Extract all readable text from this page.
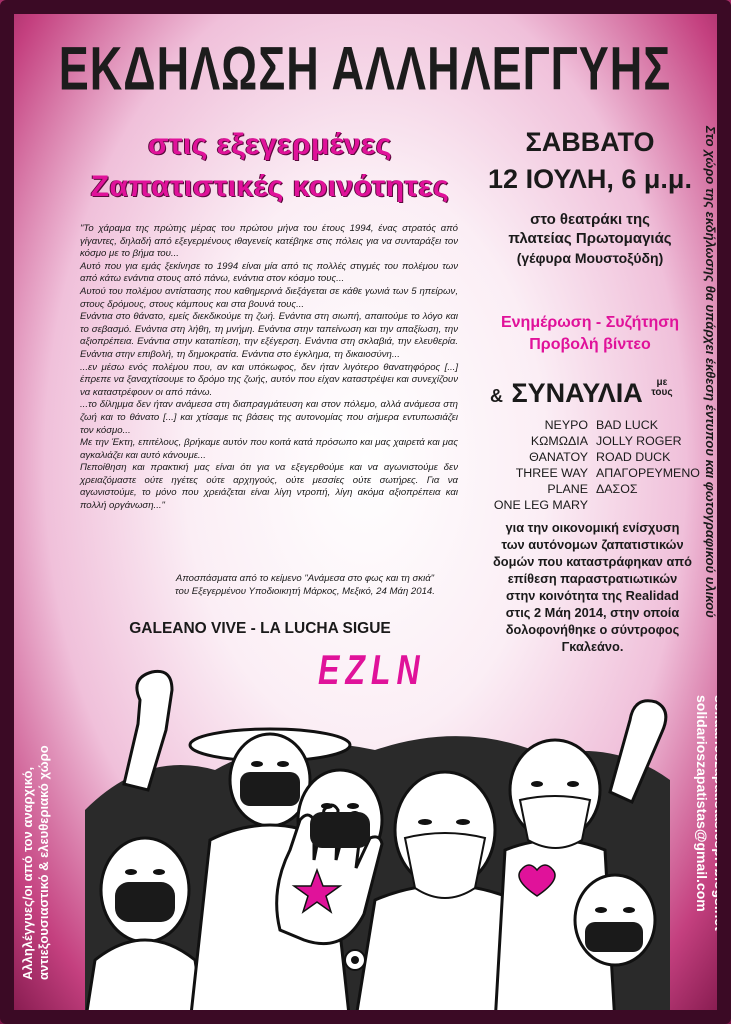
ΕΚΔΗΛΩΣΗ ΑΛΛΗΛΕΓΓΥΗΣ
στις εξεγερμένες
Ζαπατιστικές κοινότητες

"Το χάραμα της πρώτης μέρας του πρώτου μήνα του έτους 1994, ένας στρατός από γίγαντες, δηλαδή από εξεγερμένους ιθαγενείς κατέβηκε στις πόλεις για να συνταράξει τον κόσμο με το βήμα του...

Αυτό που για εμάς ξεκίνησε το 1994 είναι μία από τις πολλές στιγμές του πολέμου των από κάτω ενάντια στους από πάνω, ενάντια στον κόσμο τους...

Αυτού του πολέμου αντίστασης που καθημερινά διεξάγεται σε κάθε γωνιά των 5 ηπείρων, στους δρόμους, στους κάμπους και στα βουνά τους...

Ενάντια στο θάνατο, εμείς διεκδικούμε τη ζωή. Ενάντια στη σιωπή, απαιτούμε το λόγο και το σεβασμό. Ενάντια στη λήθη, τη μνήμη. Ενάντια στην ταπείνωση και την απαξίωση, την αξιοπρέπεια. Ενάντια στην καταπίεση, την εξέγερση. Ενάντια στη σκλαβιά, την ελευθερία. Ενάντια στην επιβολή, τη δημοκρατία. Ενάντια στο έγκλημα, τη δικαιοσύνη...

...εν μέσω ενός πολέμου που, αν και υπόκωφος, δεν ήταν λιγότερο θανατηφόρος [...] έπρεπε να ξαναχτίσουμε το δρόμο της ζωής, αυτόν που είχαν καταστρέψει και συνεχίζουν να καταστρέφουν οι από πάνω.

...το δίλημμα δεν ήταν ανάμεσα στη διαπραγμάτευση και στον πόλεμο, αλλά ανάμεσα στη ζωή και το θάνατο [...] και χτίσαμε τις βάσεις της αυτονομίας που σήμερα εντυπωσιάζει τον κόσμο...

Με την Έκτη, επιτέλους, βρήκαμε αυτόν που κοιτά κατά πρόσωπο και μας χαιρετά και μας αγκαλιάζει και αυτό κάνουμε...

Πεποίθηση και πρακτική μας είναι ότι για να εξεγερθούμε και να αγωνιστούμε δεν χρειαζόμαστε ούτε ηγέτες ούτε αρχηγούς, ούτε μεσσίες ούτε σωτήρες. Για να αγωνιστούμε, το μόνο που χρειάζεται είναι λίγη ντροπή, λίγη ακόμα αξιοπρέπεια και πολλή οργάνωση..."

Αποσπάσματα από το κείμενο "Ανάμεσα στο φως και τη σκιά"
του Εξεγερμένου Υποδιοικητή Μάρκος, Μεξικό, 24 Μάη 2014.
GALEANO VIVE - LA LUCHA SIGUE
ΣΑΒΒΑΤΟ
12 ΙΟΥΛΗ, 6 μ.μ.
στο θεατράκι της
πλατείας Πρωτομαγιάς
(γέφυρα Μουστοξύδη)
Ενημέρωση - Συζήτηση
Προβολή βίντεο
& ΣΥΝΑΥΛΙΑ με
τους
ΝΕΥΡΟ
ΚΩΜΩΔΙΑ ΘΑΝΑΤΟΥ
THREE WAY PLANE
ONE LEG MARY
BAD LUCK
JOLLY ROGER
ROAD DUCK
ΑΠΑΓΟΡΕΥΜΕΝΟ
ΔΑΣΟΣ
για την οικονομική ενίσχυση
των αυτόνομων ζαπατιστικών
δομών που καταστράφηκαν από
επίθεση παραστρατιωτικών
στην κοινότητα της Realidad
στις 2 Μάη 2014, στην οποία
δολοφονήθηκε ο σύντροφος
Γκαλεάνο.
EZLN
Στο χώρο της εκδήλωσης θα υπάρχει έκθεση έντυπου και φωτογραφικού υλικού
solidarioszapatistas.espivblogs.net
solidarioszapatistas@gmail.com
Αλληλέγγυες/οι από τον αναρχικό, αντιεξουσιαστικό & ελευθεριακό χώρο
